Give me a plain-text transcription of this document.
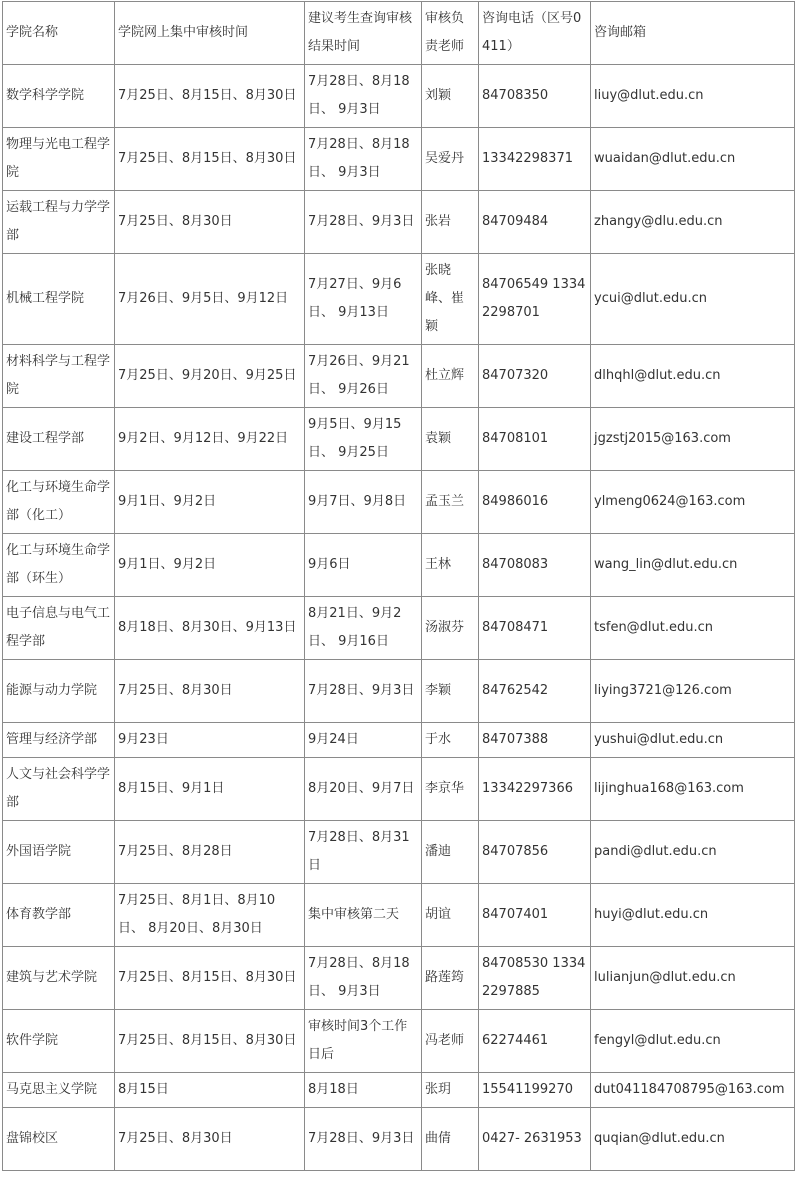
学院名称	学院网上集中审核时间	建议考生查询审核结果时间	审核负责老师	咨询电话（区号0411）	咨询邮箱
数学科学学院	7月25日、8月15日、8月30日	7月28日、8月18日、 9月3日	刘颖	84708350	liuy@dlut.edu.cn
物理与光电工程学院	7月25日、8月15日、8月30日	7月28日、8月18日、 9月3日	吴爱丹	13342298371	wuaidan@dlut.edu.cn
运载工程与力学学部	7月25日、8月30日	7月28日、9月3日	张岩	84709484	zhangy@dlu.edu.cn
机械工程学院	7月26日、9月5日、9月12日	7月27日、9月6日、 9月13日	张晓峰、崔颖	84706549 13342298701	ycui@dlut.edu.cn
材料科学与工程学院	7月25日、9月20日、9月25日	7月26日、9月21日、 9月26日	杜立辉	84707320	dlhqhl@dlut.edu.cn
建设工程学部	9月2日、9月12日、9月22日	9月5日、9月15日、 9月25日	袁颖	84708101	jgzstj2015@163.com
化工与环境生命学部（化工）	9月1日、9月2日	9月7日、9月8日	孟玉兰	84986016	ylmeng0624@163.com
化工与环境生命学部（环生）	9月1日、9月2日	9月6日	王林	84708083	wang_lin@dlut.edu.cn
电子信息与电气工程学部	8月18日、8月30日、9月13日	8月21日、9月2日、 9月16日	汤淑芬	84708471	tsfen@dlut.edu.cn
能源与动力学院	7月25日、8月30日	7月28日、9月3日	李颖	84762542	liying3721@126.com
管理与经济学部	9月23日	9月24日	于水	84707388	yushui@dlut.edu.cn
人文与社会科学学部	8月15日、9月1日	8月20日、9月7日	李京华	13342297366	lijinghua168@163.com
外国语学院	7月25日、8月28日	7月28日、8月31日	潘迪	84707856	pandi@dlut.edu.cn
体育教学部	7月25日、8月1日、8月10日、 8月20日、8月30日	集中审核第二天	胡谊	84707401	huyi@dlut.edu.cn
建筑与艺术学院	7月25日、8月15日、8月30日	7月28日、8月18日、 9月3日	路莲筠	84708530 13342297885	lulianjun@dlut.edu.cn
软件学院	7月25日、8月15日、8月30日	审核时间3个工作日后	冯老师	62274461	fengyl@dlut.edu.cn
马克思主义学院	8月15日	8月18日	张玥	15541199270	dut041184708795@163.com
盘锦校区	7月25日、8月30日	7月28日、9月3日	曲倩	0427- 2631953	quqian@dlut.edu.cn
